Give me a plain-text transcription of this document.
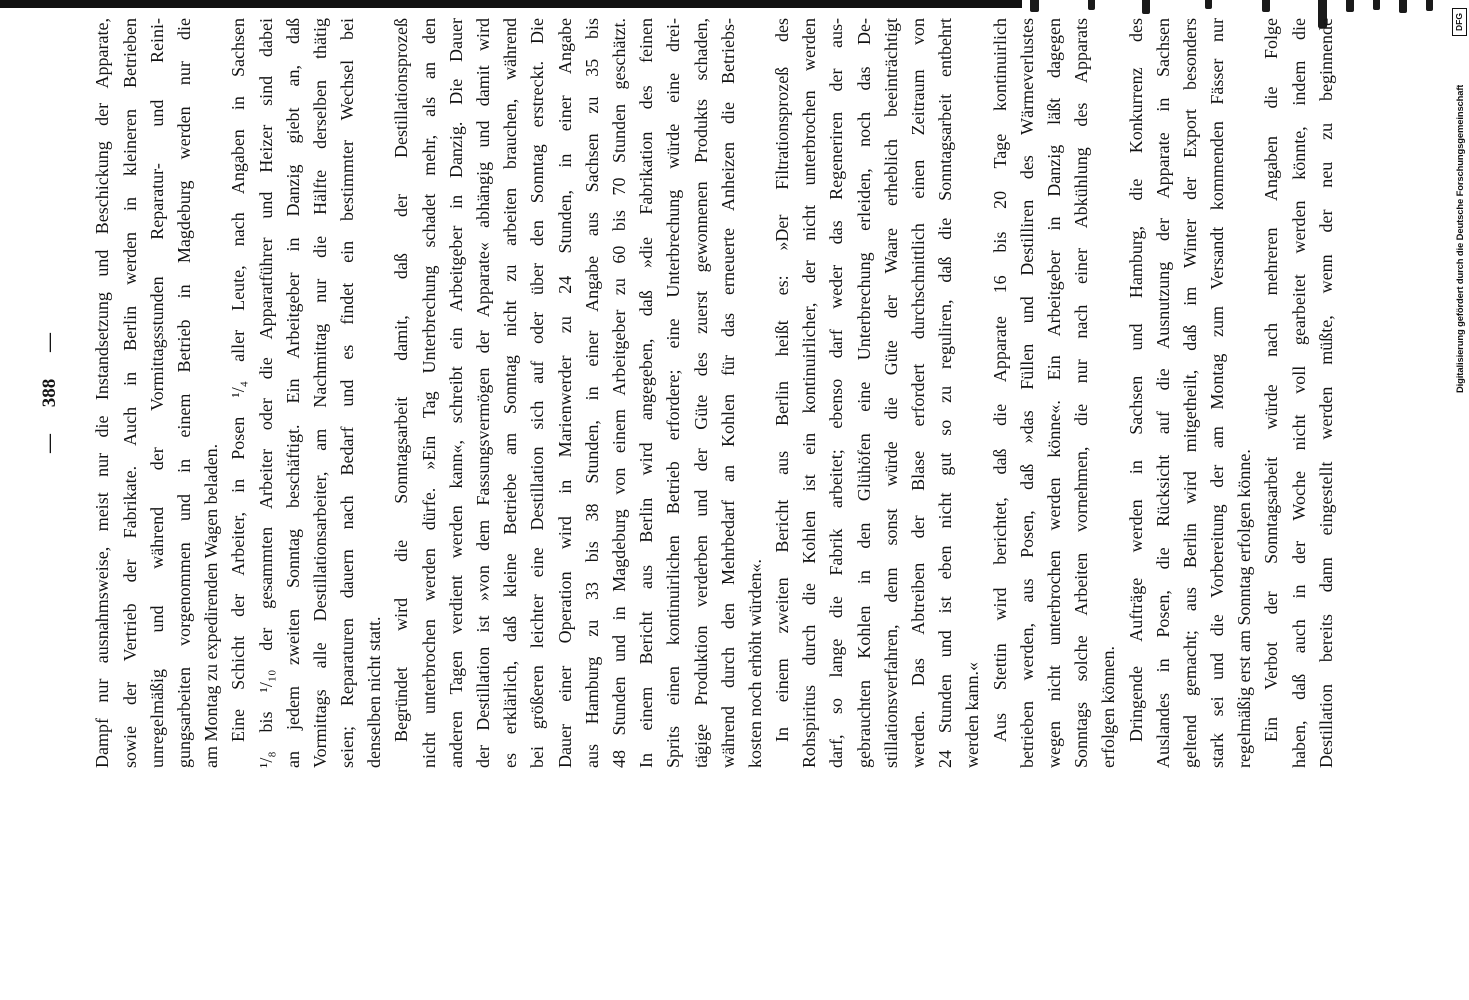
— 388 — Dampf nur ausnahmsweise, meist nur die Instandsetzung und Beschickung der Apparate, sowie der Vertrieb der Fabrikate. Auch in Berlin werden in kleineren Betrieben unregelmäßig und während der Vormittagsstunden Reparatur- und Reini- gungsarbeiten vorgenommen und in einem Betrieb in Magdeburg werden nur die am Montag zu expedirenden Wagen beladen. Eine Schicht der Arbeiter, in Posen ¹/₄ aller Leute, nach Angaben in Sachsen ¹/₈ bis ¹/₁₀ der gesammten Arbeiter oder die Apparatführer und Heizer sind dabei an jedem zweiten Sonntag beschäftigt. Ein Arbeitgeber in Danzig giebt an, daß Vormittags alle Destillationsarbeiter, am Nachmittag nur die Hälfte derselben thätig seien; Reparaturen dauern nach Bedarf und es findet ein bestimmter Wechsel bei denselben nicht statt. Begründet wird die Sonntagsarbeit damit, daß der Destillationsprozeß nicht unterbrochen werden dürfe. »Ein Tag Unterbrechung schadet mehr, als an den anderen Tagen verdient werden kann«, schreibt ein Arbeitgeber in Danzig. Die Dauer der Destillation ist »von dem Fassungsvermögen der Apparate« abhängig und damit wird es erklärlich, daß kleine Betriebe am Sonntag nicht zu arbeiten brauchen, während bei größeren leichter eine Destillation sich auf oder über den Sonntag erstreckt. Die Dauer einer Operation wird in Marienwerder zu 24 Stunden, in einer Angabe aus Hamburg zu 33 bis 38 Stunden, in einer Angabe aus Sachsen zu 35 bis 48 Stunden und in Magdeburg von einem Arbeitgeber zu 60 bis 70 Stunden geschätzt. In einem Bericht aus Berlin wird angegeben, daß »die Fabrikation des feinen Sprits einen kontinuirlichen Betrieb erfordere; eine Unterbrechung würde eine drei- tägige Produktion verderben und der Güte des zuerst gewonnenen Produkts schaden, während durch den Mehrbedarf an Kohlen für das erneuerte Anheizen die Betriebs- kosten noch erhöht würden«. In einem zweiten Bericht aus Berlin heißt es: »Der Filtrationsprozeß des Rohspiritus durch die Kohlen ist ein kontinuirlicher, der nicht unterbrochen werden darf, so lange die Fabrik arbeitet; ebenso darf weder das Regeneriren der aus- gebrauchten Kohlen in den Glühöfen eine Unterbrechung erleiden, noch das De- stillationsverfahren, denn sonst würde die Güte der Waare erheblich beeinträchtigt werden. Das Abtreiben der Blase erfordert durchschnittlich einen Zeitraum von 24 Stunden und ist eben nicht gut so zu reguliren, daß die Sonntagsarbeit entbehrt werden kann.« Aus Stettin wird berichtet, daß die Apparate 16 bis 20 Tage kontinuirlich betrieben werden, aus Posen, daß »das Füllen und Destilliren des Wärmeverlustes wegen nicht unterbrochen werden könne«. Ein Arbeitgeber in Danzig läßt dagegen Sonntags solche Arbeiten vornehmen, die nur nach einer Abkühlung des Apparats erfolgen können. Dringende Aufträge werden in Sachsen und Hamburg, die Konkurrenz des Auslandes in Posen, die Rücksicht auf die Ausnutzung der Apparate in Sachsen geltend gemacht; aus Berlin wird mitgetheilt, daß im Winter der Export besonders stark sei und die Vorbereitung der am Montag zum Versandt kommenden Fässer nur regelmäßig erst am Sonntag erfolgen könne. Ein Verbot der Sonntagsarbeit würde nach mehreren Angaben die Folge haben, daß auch in der Woche nicht voll gearbeitet werden könnte, indem die Destillation bereits dann eingestellt werden müßte, wenn der neu zu beginnende	Digitalisierung gefördert durch die Deutsche Forschungsgemeinschaft
DFG
